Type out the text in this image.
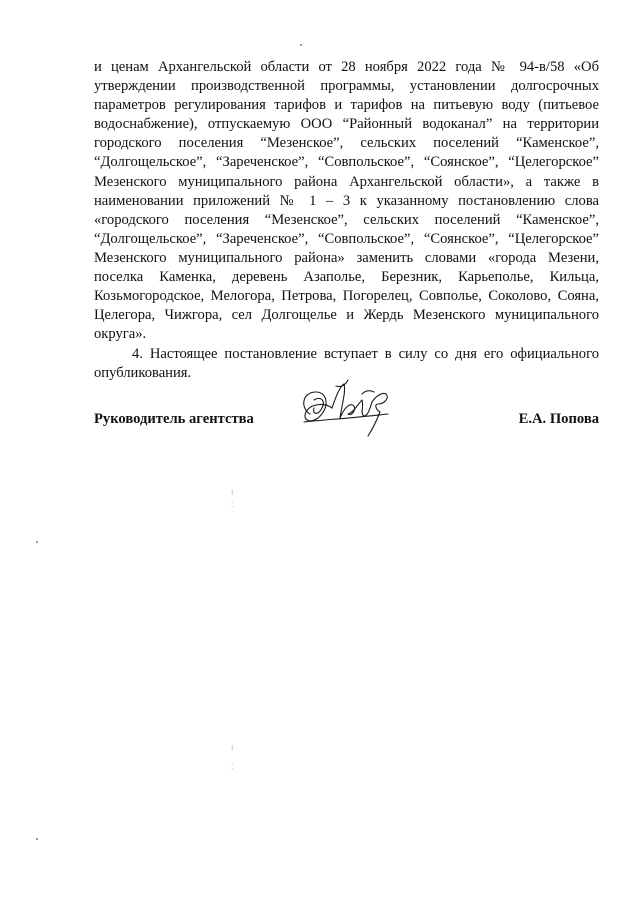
и ценам Архангельской области от 28 ноября 2022 года № 94-в/58 «Об утверждении производственной программы, установлении долгосрочных параметров регулирования тарифов и тарифов на питьевую воду (питьевое водоснабжение), отпускаемую ООО “Районный водоканал” на территории городского поселения “Мезенское”, сельских поселений “Каменское”, “Долгощельское”, “Зареченское”, “Совпольское”, “Соянское”, “Целегорское” Мезенского муниципального района Архангельской области», а также в наименовании приложений № 1 – 3 к указанному постановлению слова «городского поселения “Мезенское”, сельских поселений “Каменское”, “Долгощельское”, “Зареченское”, “Совпольское”, “Соянское”, “Целегорское” Мезенского муниципального района» заменить словами «города Мезени, поселка Каменка, деревень Азаполье, Березник, Карьеполье, Кильца, Козьмогородское, Мелогора, Петрова, Погорелец, Совполье, Соколово, Сояна, Целегора, Чижгора, сел Долгощелье и Жердь Мезенского муниципального округа».

4. Настоящее постановление вступает в силу со дня его официального опубликования.

Руководитель агентства	Е.А. Попова

⁞
⁚
⁞
⁚
